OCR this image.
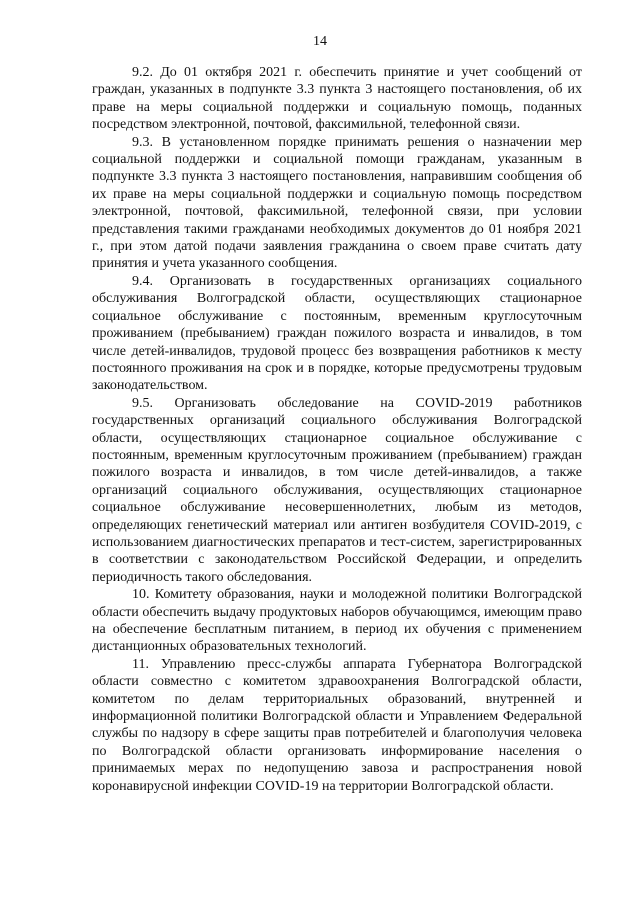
14

9.2. До 01 октября 2021 г. обеспечить принятие и учет сообщений от граждан, указанных в подпункте 3.3 пункта 3 настоящего постановления, об их праве на меры социальной поддержки и социальную помощь, поданных посредством электронной, почтовой, факсимильной, телефонной связи.

9.3. В установленном порядке принимать решения о назначении мер социальной поддержки и социальной помощи гражданам, указанным в подпункте 3.3 пункта 3 настоящего постановления, направившим сообщения об их праве на меры социальной поддержки и социальную помощь посредством электронной, почтовой, факсимильной, телефонной связи, при условии представления такими гражданами необходимых документов до 01 ноября 2021 г., при этом датой подачи заявления гражданина о своем праве считать дату принятия и учета указанного сообщения.

9.4. Организовать в государственных организациях социального обслуживания Волгоградской области, осуществляющих стационарное социальное обслуживание с постоянным, временным круглосуточным проживанием (пребыванием) граждан пожилого возраста и инвалидов, в том числе детей-инвалидов, трудовой процесс без возвращения работников к месту постоянного проживания на срок и в порядке, которые предусмотрены трудовым законодательством.

9.5. Организовать обследование на COVID-2019 работников государственных организаций социального обслуживания Волгоградской области, осуществляющих стационарное социальное обслуживание с постоянным, временным круглосуточным проживанием (пребыванием) граждан пожилого возраста и инвалидов, в том числе детей-инвалидов, а также организаций социального обслуживания, осуществляющих стационарное социальное обслуживание несовершеннолетних, любым из методов, определяющих генетический материал или антиген возбудителя COVID-2019, с использованием диагностических препаратов и тест-систем, зарегистрированных в соответствии с законодательством Российской Федерации, и определить периодичность такого обследования.

10. Комитету образования, науки и молодежной политики Волгоградской области обеспечить выдачу продуктовых наборов обучающимся, имеющим право на обеспечение бесплатным питанием, в период их обучения с применением дистанционных образовательных технологий.

11. Управлению пресс-службы аппарата Губернатора Волгоградской области совместно с комитетом здравоохранения Волгоградской области, комитетом по делам территориальных образований, внутренней и информационной политики Волгоградской области и Управлением Федеральной службы по надзору в сфере защиты прав потребителей и благополучия человека по Волгоградской области организовать информирование населения о принимаемых мерах по недопущению завоза и распространения новой коронавирусной инфекции COVID-19 на территории Волгоградской области.
